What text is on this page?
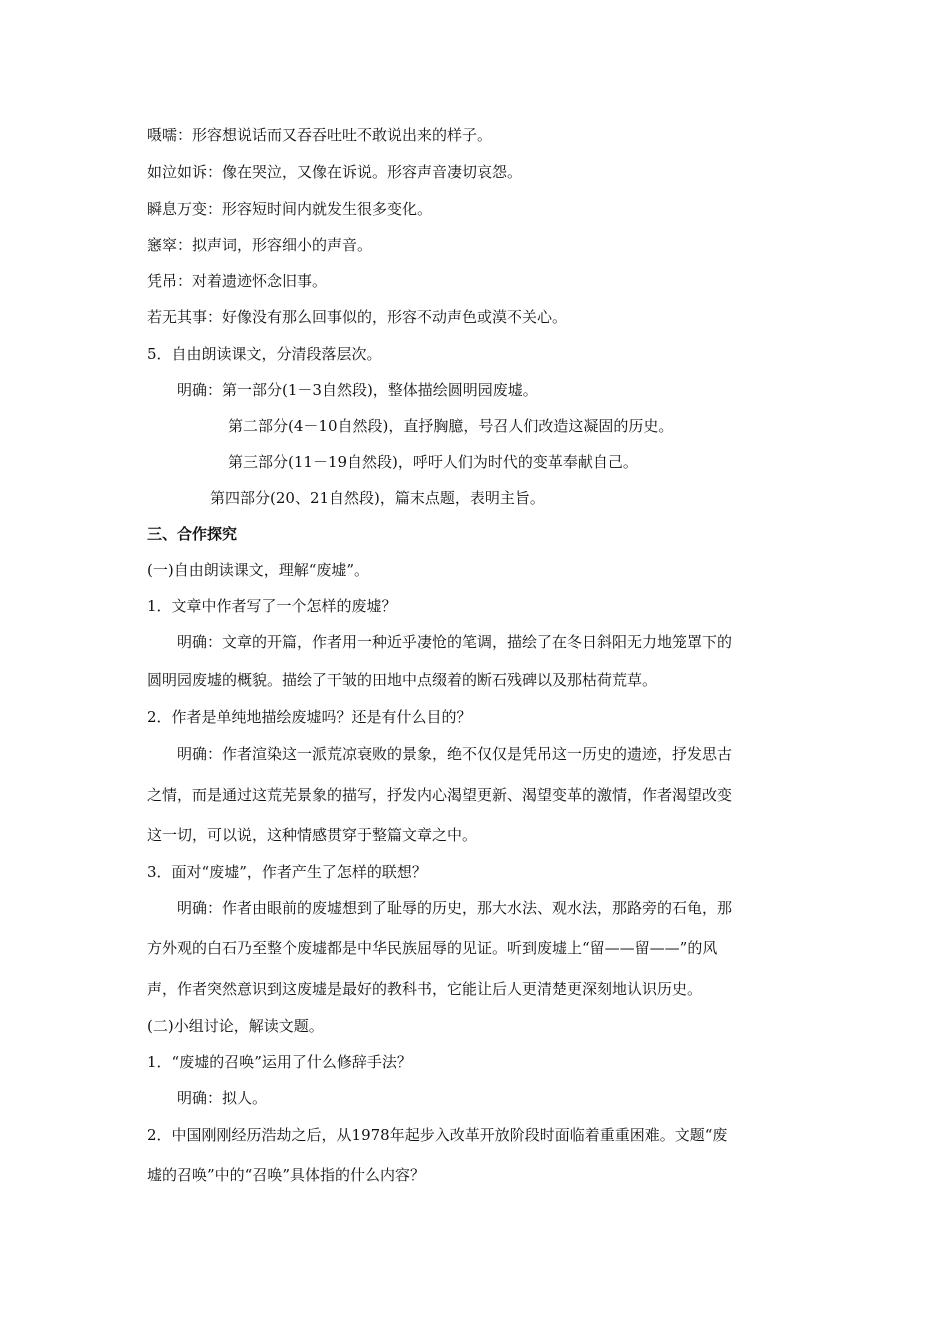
嗫嚅：形容想说话而又吞吞吐吐不敢说出来的样子。
如泣如诉：像在哭泣，又像在诉说。形容声音凄切哀怨。
瞬息万变：形容短时间内就发生很多变化。
窸窣：拟声词，形容细小的声音。
凭吊：对着遗迹怀念旧事。
若无其事：好像没有那么回事似的，形容不动声色或漠不关心。
5．自由朗读课文，分清段落层次。
明确：第一部分(1－3自然段)，整体描绘圆明园废墟。
第二部分(4－10自然段)，直抒胸臆，号召人们改造这凝固的历史。
第三部分(11－19自然段)，呼吁人们为时代的变革奉献自己。
第四部分(20、21自然段)，篇末点题，表明主旨。
三、合作探究
(一)自由朗读课文，理解“废墟”。
1．文章中作者写了一个怎样的废墟？
明确：文章的开篇，作者用一种近乎凄怆的笔调，描绘了在冬日斜阳无力地笼罩下的
圆明园废墟的概貌。描绘了干皱的田地中点缀着的断石残碑以及那枯荷荒草。
2．作者是单纯地描绘废墟吗？还是有什么目的？
明确：作者渲染这一派荒凉衰败的景象，绝不仅仅是凭吊这一历史的遗迹，抒发思古
之情，而是通过这荒芜景象的描写，抒发内心渴望更新、渴望变革的激情，作者渴望改变
这一切，可以说，这种情感贯穿于整篇文章之中。
3．面对“废墟”，作者产生了怎样的联想？
明确：作者由眼前的废墟想到了耻辱的历史，那大水法、观水法，那路旁的石龟，那
方外观的白石乃至整个废墟都是中华民族屈辱的见证。听到废墟上“留——留——”的风
声，作者突然意识到这废墟是最好的教科书，它能让后人更清楚更深刻地认识历史。
(二)小组讨论，解读文题。
1．“废墟的召唤”运用了什么修辞手法？
明确：拟人。
2．中国刚刚经历浩劫之后，从1978年起步入改革开放阶段时面临着重重困难。文题“废
墟的召唤”中的“召唤”具体指的什么内容？
